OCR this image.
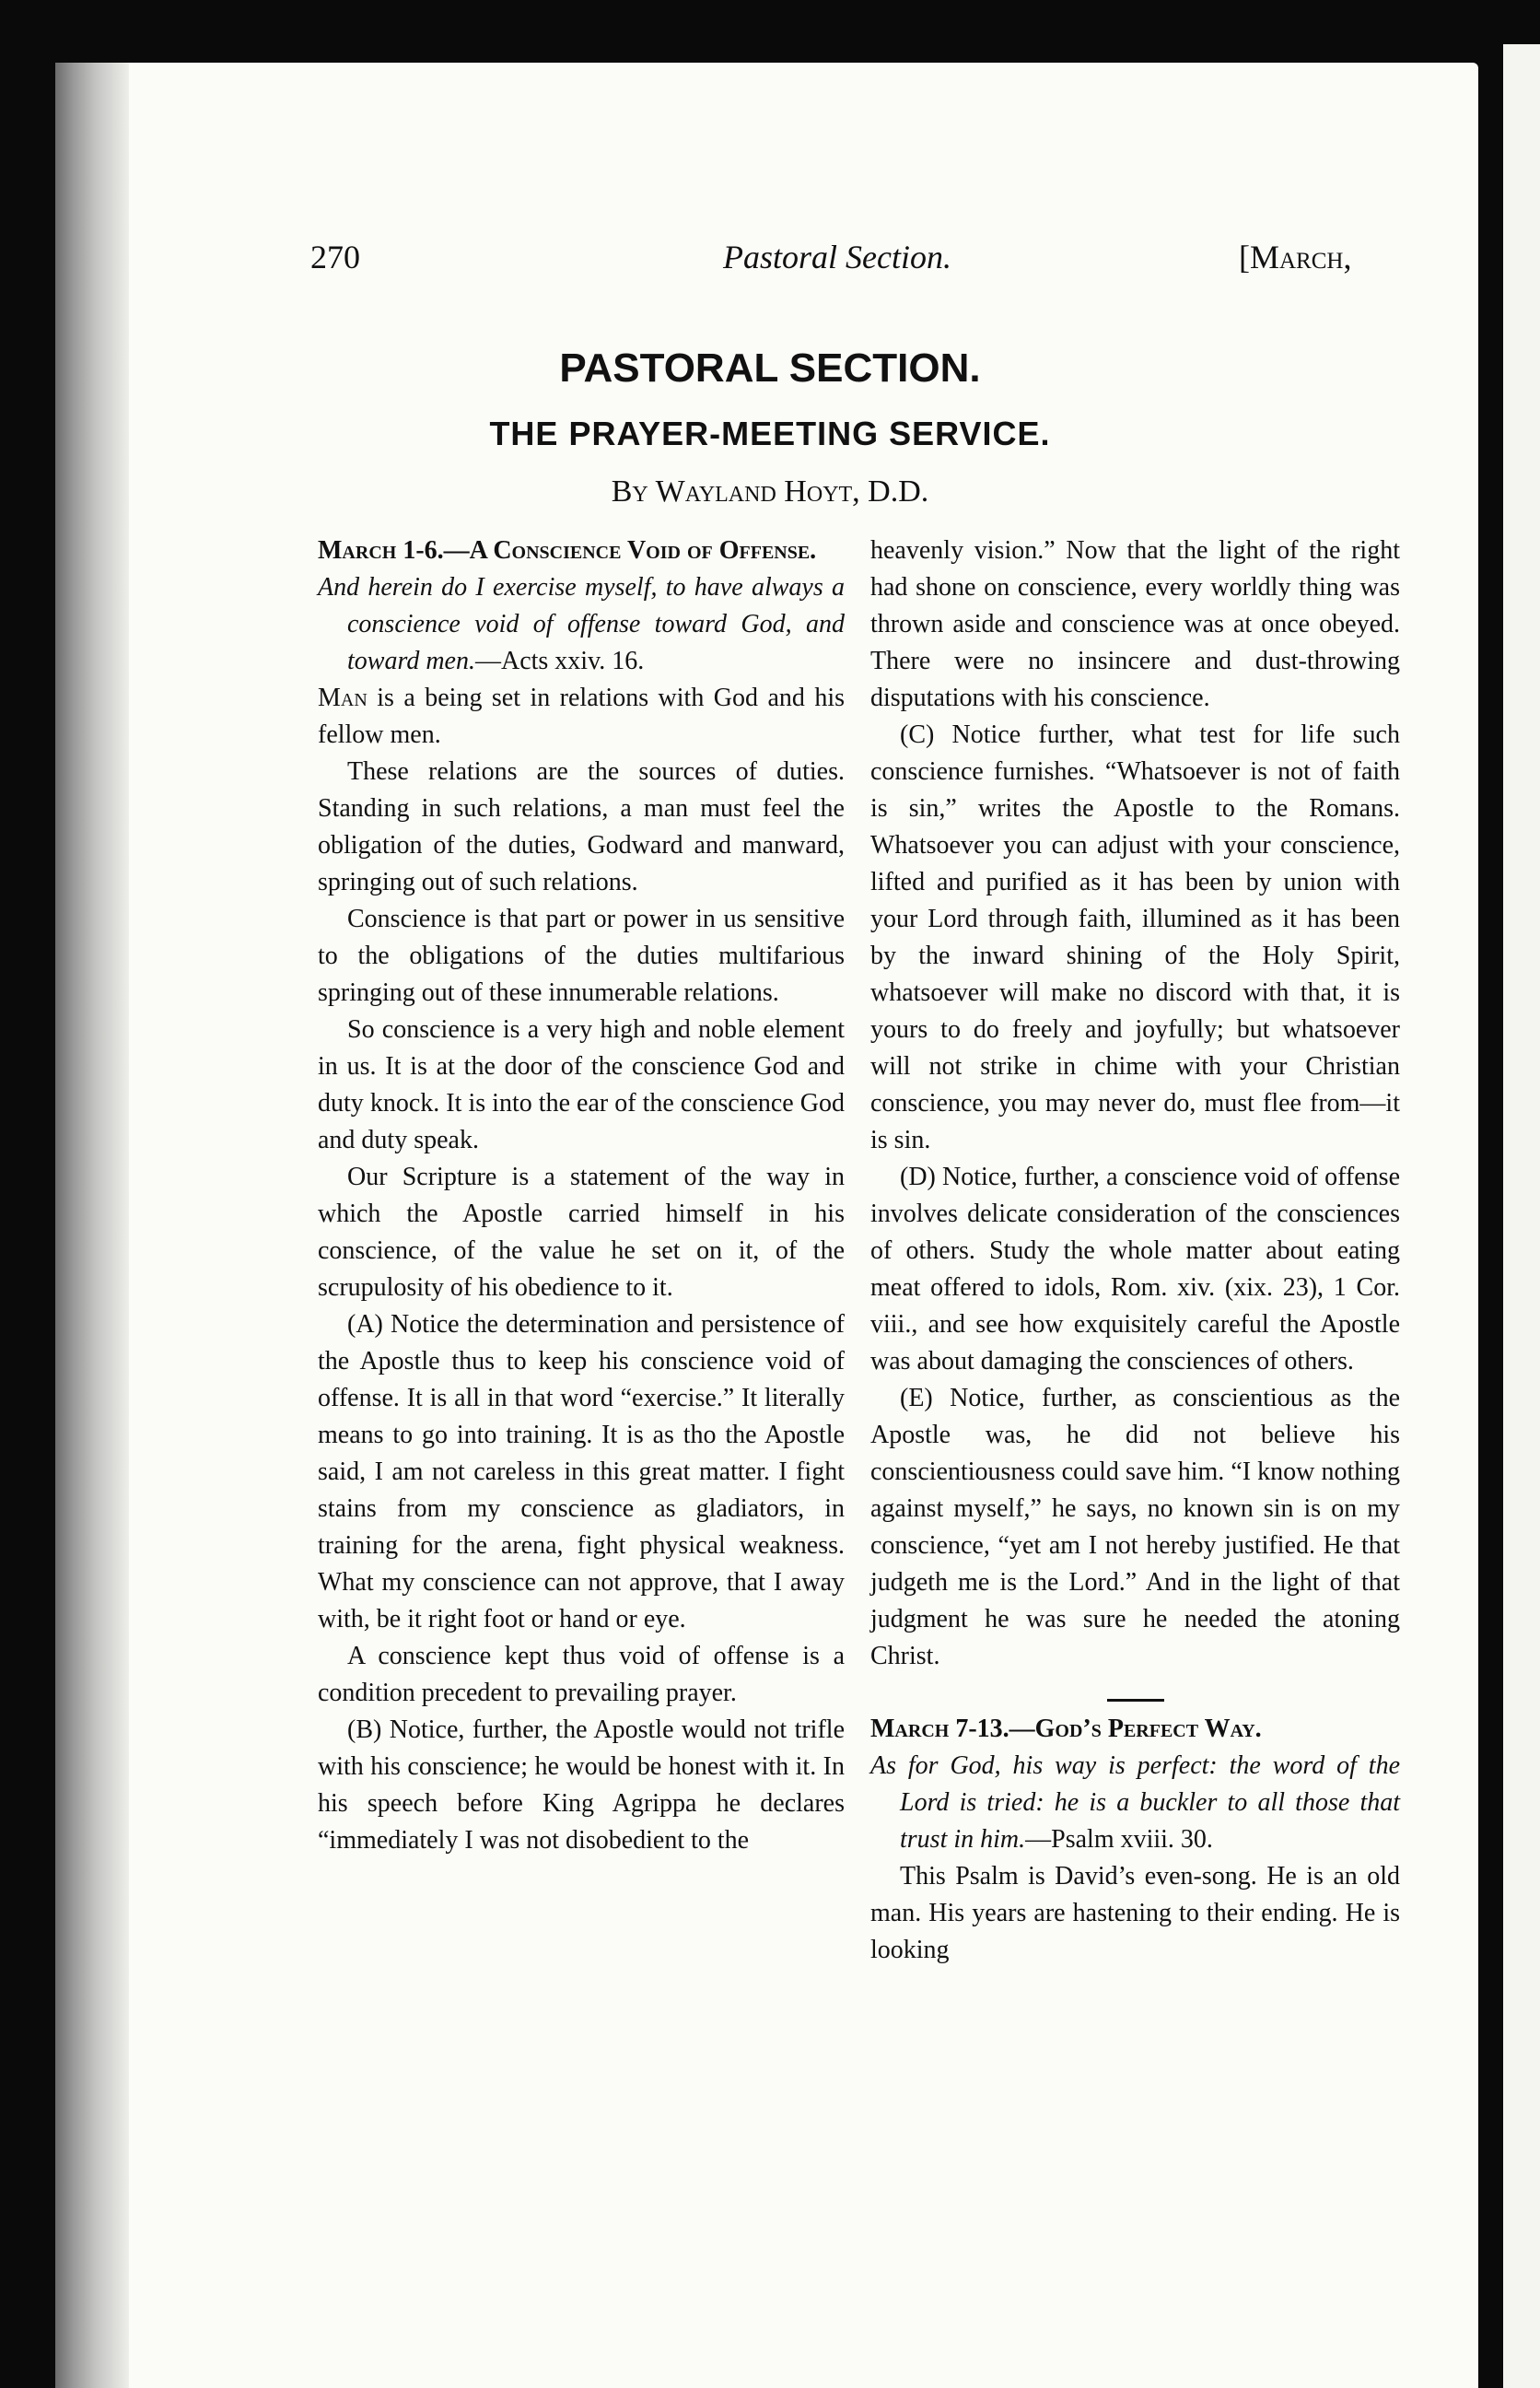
270	Pastoral Section.	[March,
PASTORAL SECTION.
THE PRAYER-MEETING SERVICE.
By Wayland Hoyt, D.D.

March 1-6.—A Conscience Void of Offense.

And herein do I exercise myself, to have always a conscience void of offense toward God, and toward men.—Acts xxiv. 16.

Man is a being set in relations with God and his fellow men.

These relations are the sources of duties. Standing in such relations, a man must feel the obligation of the duties, Godward and manward, springing out of such relations.

Conscience is that part or power in us sensitive to the obligations of the duties multifarious springing out of these innumerable relations.

So conscience is a very high and noble element in us. It is at the door of the conscience God and duty knock. It is into the ear of the conscience God and duty speak.

Our Scripture is a statement of the way in which the Apostle carried himself in his conscience, of the value he set on it, of the scrupulosity of his obedience to it.

(A) Notice the determination and persistence of the Apostle thus to keep his conscience void of offense. It is all in that word “exercise.” It literally means to go into training. It is as tho the Apostle said, I am not careless in this great matter. I fight stains from my conscience as gladiators, in training for the arena, fight physical weakness. What my conscience can not approve, that I away with, be it right foot or hand or eye.

A conscience kept thus void of offense is a condition precedent to prevailing prayer.

(B) Notice, further, the Apostle would not trifle with his conscience; he would be honest with it. In his speech before King Agrippa he declares “immediately I was not disobedient to the

heavenly vision.” Now that the light of the right had shone on conscience, every worldly thing was thrown aside and conscience was at once obeyed. There were no insincere and dust-throwing disputations with his conscience.

(C) Notice further, what test for life such conscience furnishes. “Whatsoever is not of faith is sin,” writes the Apostle to the Romans. Whatsoever you can adjust with your conscience, lifted and purified as it has been by union with your Lord through faith, illumined as it has been by the inward shining of the Holy Spirit, whatsoever will make no discord with that, it is yours to do freely and joyfully; but whatsoever will not strike in chime with your Christian conscience, you may never do, must flee from—it is sin.

(D) Notice, further, a conscience void of offense involves delicate consideration of the consciences of others. Study the whole matter about eating meat offered to idols, Rom. xiv. (xix. 23), 1 Cor. viii., and see how exquisitely careful the Apostle was about damaging the consciences of others.

(E) Notice, further, as conscientious as the Apostle was, he did not believe his conscientiousness could save him. “I know nothing against myself,” he says, no known sin is on my conscience, “yet am I not hereby justified. He that judgeth me is the Lord.” And in the light of that judgment he was sure he needed the atoning Christ.

March 7-13.—God’s Perfect Way.

As for God, his way is perfect: the word of the Lord is tried: he is a buckler to all those that trust in him.—Psalm xviii. 30.

This Psalm is David’s even-song. He is an old man. His years are hastening to their ending. He is looking
